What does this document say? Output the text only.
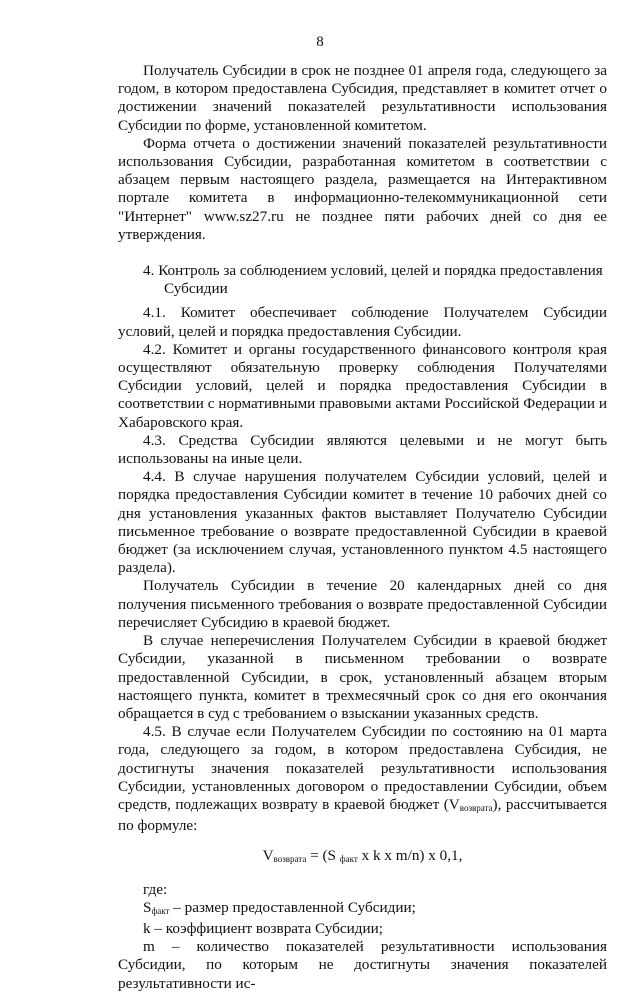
8

Получатель Субсидии в срок не позднее 01 апреля года, следующего за годом, в котором предоставлена Субсидия, представляет в комитет отчет о достижении значений показателей результативности использования Субсидии по форме, установленной комитетом.

Форма отчета о достижении значений показателей результативности использования Субсидии, разработанная комитетом в соответствии с абзацем первым настоящего раздела, размещается на Интерактивном портале комитета в информационно-телекоммуникационной сети "Интернет" www.sz27.ru не позднее пяти рабочих дней со дня ее утверждения.

4. Контроль за соблюдением условий, целей и порядка предоставления
Субсидии

4.1. Комитет обеспечивает соблюдение Получателем Субсидии условий, целей и порядка предоставления Субсидии.

4.2. Комитет и органы государственного финансового контроля края осуществляют обязательную проверку соблюдения Получателями Субсидии условий, целей и порядка предоставления Субсидии в соответствии с нормативными правовыми актами Российской Федерации и Хабаровского края.

4.3. Средства Субсидии являются целевыми и не могут быть использованы на иные цели.

4.4. В случае нарушения получателем Субсидии условий, целей и порядка предоставления Субсидии комитет в течение 10 рабочих дней со дня установления указанных фактов выставляет Получателю Субсидии письменное требование о возврате предоставленной Субсидии в краевой бюджет (за исключением случая, установленного пунктом 4.5 настоящего раздела).

Получатель Субсидии в течение 20 календарных дней со дня получения письменного требования о возврате предоставленной Субсидии перечисляет Субсидию в краевой бюджет.

В случае неперечисления Получателем Субсидии в краевой бюджет Субсидии, указанной в письменном требовании о возврате предоставленной Субсидии, в срок, установленный абзацем вторым настоящего пункта, комитет в трехмесячный срок со дня его окончания обращается в суд с требованием о взыскании указанных средств.

4.5. В случае если Получателем Субсидии по состоянию на 01 марта года, следующего за годом, в котором предоставлена Субсидия, не достигнуты значения показателей результативности использования Субсидии, установленных договором о предоставлении Субсидии, объем средств, подлежащих возврату в краевой бюджет $(V_{возврата})$, рассчитывается по формуле:

$V_{возврата} = (S$ $_{факт}$ x k x m/n) x 0,1,

где:

$S_{факт}$ – размер предоставленной Субсидии;

k – коэффициент возврата Субсидии;

m – количество показателей результативности использования Субсидии, по которым не достигнуты значения показателей результативности ис-
